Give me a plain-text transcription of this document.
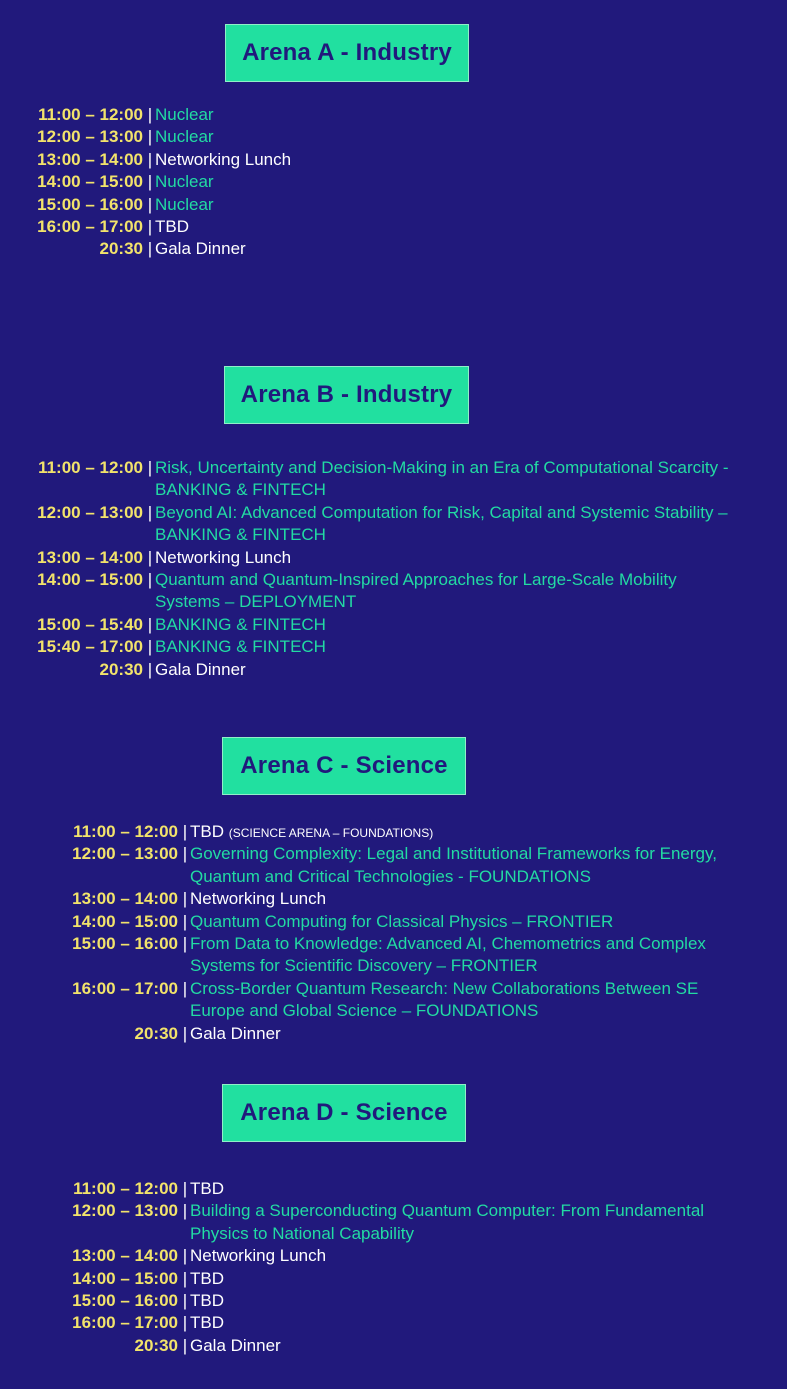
Arena A - Industry
11:00 – 12:00 | Nuclear
12:00 – 13:00 | Nuclear
13:00 – 14:00 | Networking Lunch
14:00 – 15:00 | Nuclear
15:00 – 16:00 | Nuclear
16:00 – 17:00 | TBD
20:30 | Gala Dinner
Arena B - Industry
11:00 – 12:00 | Risk, Uncertainty and Decision-Making in an Era of Computational Scarcity - BANKING & FINTECH
12:00 – 13:00 | Beyond AI: Advanced Computation for Risk, Capital and Systemic Stability – BANKING & FINTECH
13:00 – 14:00 | Networking Lunch
14:00 – 15:00 | Quantum and Quantum-Inspired Approaches for Large-Scale Mobility Systems – DEPLOYMENT
15:00 – 15:40 | BANKING & FINTECH
15:40 – 17:00 | BANKING & FINTECH
20:30 | Gala Dinner
Arena C - Science
11:00 – 12:00 | TBD (SCIENCE ARENA – FOUNDATIONS)
12:00 – 13:00 | Governing Complexity: Legal and Institutional Frameworks for Energy, Quantum and Critical Technologies - FOUNDATIONS
13:00 – 14:00 | Networking Lunch
14:00 – 15:00 | Quantum Computing for Classical Physics – FRONTIER
15:00 – 16:00 | From Data to Knowledge: Advanced AI, Chemometrics and Complex Systems for Scientific Discovery – FRONTIER
16:00 – 17:00 | Cross-Border Quantum Research: New Collaborations Between SE Europe and Global Science – FOUNDATIONS
20:30 | Gala Dinner
Arena D - Science
11:00 – 12:00 | TBD
12:00 – 13:00 | Building a Superconducting Quantum Computer: From Fundamental Physics to National Capability
13:00 – 14:00 | Networking Lunch
14:00 – 15:00 | TBD
15:00 – 16:00 | TBD
16:00 – 17:00 | TBD
20:30 | Gala Dinner
